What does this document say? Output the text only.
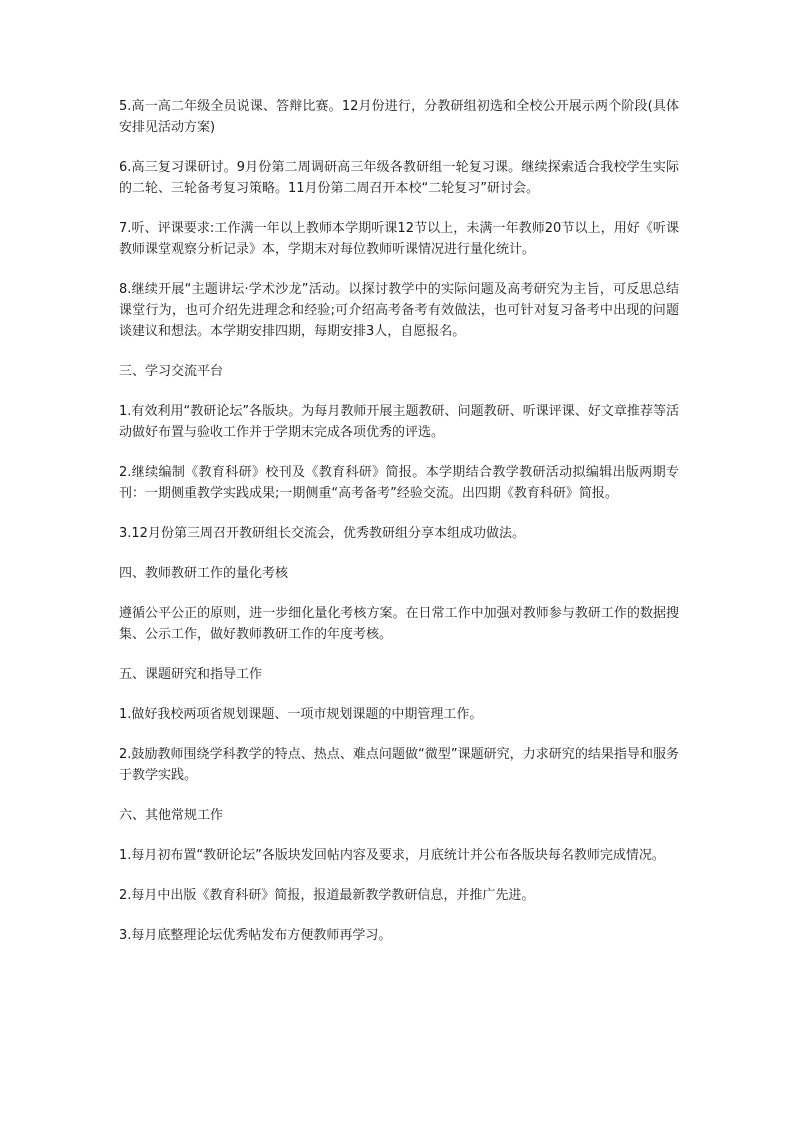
5.高一高二年级全员说课、答辩比赛。12月份进行，分教研组初选和全校公开展示两个阶段(具体安排见活动方案)

6.高三复习课研讨。9月份第二周调研高三年级各教研组一轮复习课。继续探索适合我校学生实际的二轮、三轮备考复习策略。11月份第二周召开本校“二轮复习”研讨会。

7.听、评课要求:工作满一年以上教师本学期听课12节以上，未满一年教师20节以上，用好《听课教师课堂观察分析记录》本，学期末对每位教师听课情况进行量化统计。

8.继续开展“主题讲坛·学术沙龙”活动。以探讨教学中的实际问题及高考研究为主旨，可反思总结课堂行为，也可介绍先进理念和经验;可介绍高考备考有效做法，也可针对复习备考中出现的问题谈建议和想法。本学期安排四期，每期安排3人，自愿报名。

三、学习交流平台

1.有效利用“教研论坛”各版块。为每月教师开展主题教研、问题教研、听课评课、好文章推荐等活动做好布置与验收工作并于学期末完成各项优秀的评选。

2.继续编制《教育科研》校刊及《教育科研》简报。本学期结合教学教研活动拟编辑出版两期专刊：一期侧重教学实践成果;一期侧重“高考备考”经验交流。出四期《教育科研》简报。

3.12月份第三周召开教研组长交流会，优秀教研组分享本组成功做法。

四、教师教研工作的量化考核

遵循公平公正的原则，进一步细化量化考核方案。在日常工作中加强对教师参与教研工作的数据搜集、公示工作，做好教师教研工作的年度考核。

五、课题研究和指导工作

1.做好我校两项省规划课题、一项市规划课题的中期管理工作。

2.鼓励教师围绕学科教学的特点、热点、难点问题做“微型”课题研究，力求研究的结果指导和服务于教学实践。

六、其他常规工作

1.每月初布置“教研论坛”各版块发回帖内容及要求，月底统计并公布各版块每名教师完成情况。

2.每月中出版《教育科研》简报，报道最新教学教研信息，并推广先进。

3.每月底整理论坛优秀帖发布方便教师再学习。
